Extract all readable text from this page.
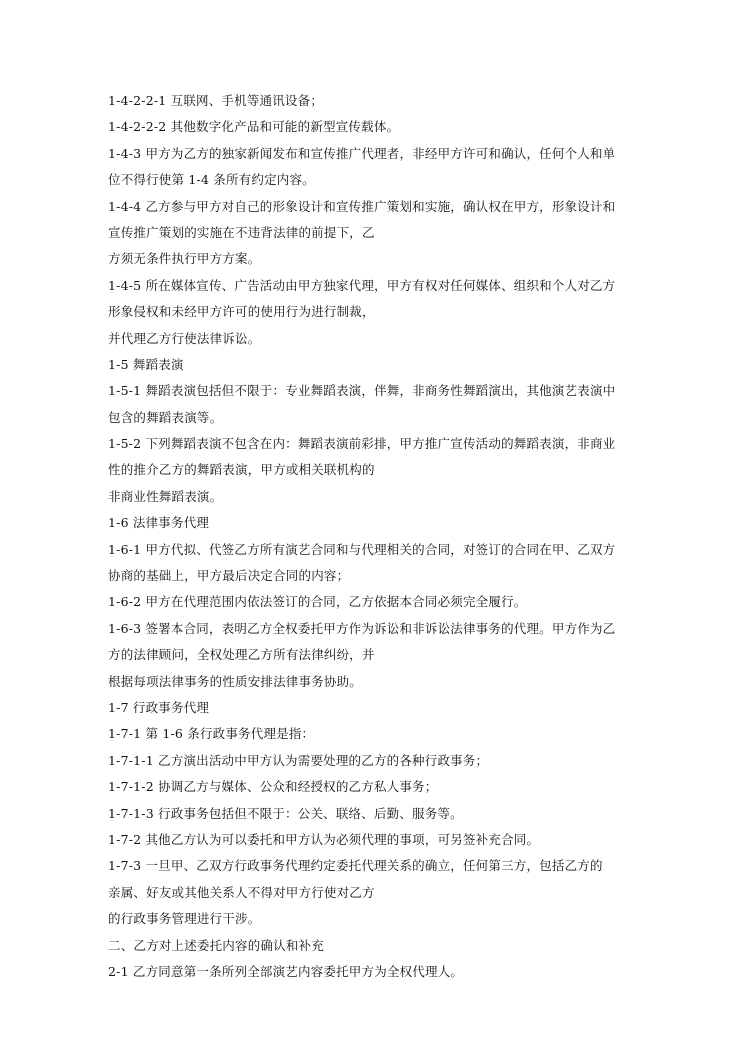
1-4-2-2-1 互联网、手机等通讯设备；
1-4-2-2-2 其他数字化产品和可能的新型宣传载体。
1-4-3 甲方为乙方的独家新闻发布和宣传推广代理者，非经甲方许可和确认，任何个人和单
位不得行使第 1-4 条所有约定内容。
1-4-4 乙方参与甲方对自己的形象设计和宣传推广策划和实施，确认权在甲方，形象设计和
宣传推广策划的实施在不违背法律的前提下，乙
方须无条件执行甲方方案。
1-4-5 所在媒体宣传、广告活动由甲方独家代理，甲方有权对任何媒体、组织和个人对乙方
形象侵权和未经甲方许可的使用行为进行制裁，
并代理乙方行使法律诉讼。
1-5 舞蹈表演
1-5-1 舞蹈表演包括但不限于：专业舞蹈表演，伴舞，非商务性舞蹈演出，其他演艺表演中
包含的舞蹈表演等。
1-5-2 下列舞蹈表演不包含在内：舞蹈表演前彩排，甲方推广宣传活动的舞蹈表演，非商业
性的推介乙方的舞蹈表演，甲方或相关联机构的
非商业性舞蹈表演。
1-6 法律事务代理
1-6-1 甲方代拟、代签乙方所有演艺合同和与代理相关的合同，对签订的合同在甲、乙双方
协商的基础上，甲方最后决定合同的内容；
1-6-2 甲方在代理范围内依法签订的合同，乙方依据本合同必须完全履行。
1-6-3 签署本合同，表明乙方全权委托甲方作为诉讼和非诉讼法律事务的代理。甲方作为乙
方的法律顾问，全权处理乙方所有法律纠纷，并
根据每项法律事务的性质安排法律事务协助。
1-7 行政事务代理
1-7-1 第 1-6 条行政事务代理是指：
1-7-1-1 乙方演出活动中甲方认为需要处理的乙方的各种行政事务；
1-7-1-2 协调乙方与媒体、公众和经授权的乙方私人事务；
1-7-1-3 行政事务包括但不限于：公关、联络、后勤、服务等。
1-7-2 其他乙方认为可以委托和甲方认为必须代理的事项，可另签补充合同。
1-7-3 一旦甲、乙双方行政事务代理约定委托代理关系的确立，任何第三方，包括乙方的
亲属、好友或其他关系人不得对甲方行使对乙方
的行政事务管理进行干涉。
二、乙方对上述委托内容的确认和补充
2-1 乙方同意第一条所列全部演艺内容委托甲方为全权代理人。
